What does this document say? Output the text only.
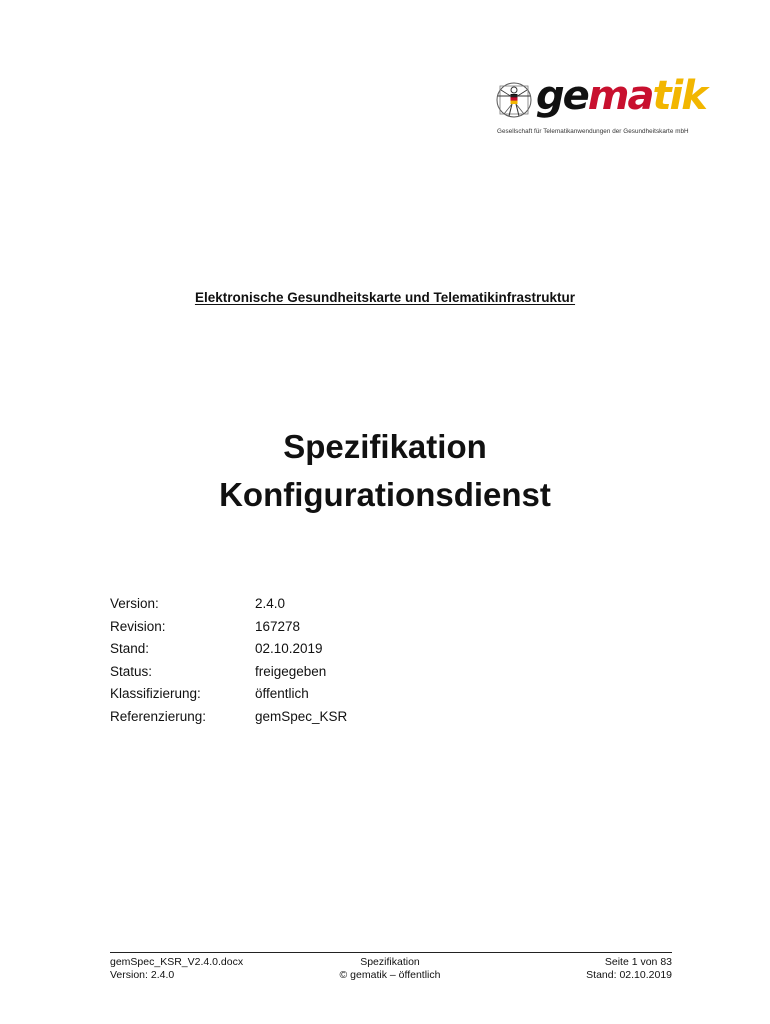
gematik
Gesellschaft für Telematikanwendungen der Gesundheitskarte mbH
Elektronische Gesundheitskarte und Telematikinfrastruktur
Spezifikation
Konfigurationsdienst
Version:	2.4.0
Revision:	167278
Stand:	02.10.2019
Status:	freigegeben
Klassifizierung:	öffentlich
Referenzierung:	gemSpec_KSR
gemSpec_KSR_V2.4.0.docx
Version: 2.4.0
Spezifikation
© gematik – öffentlich
Seite 1 von 83
Stand: 02.10.2019
